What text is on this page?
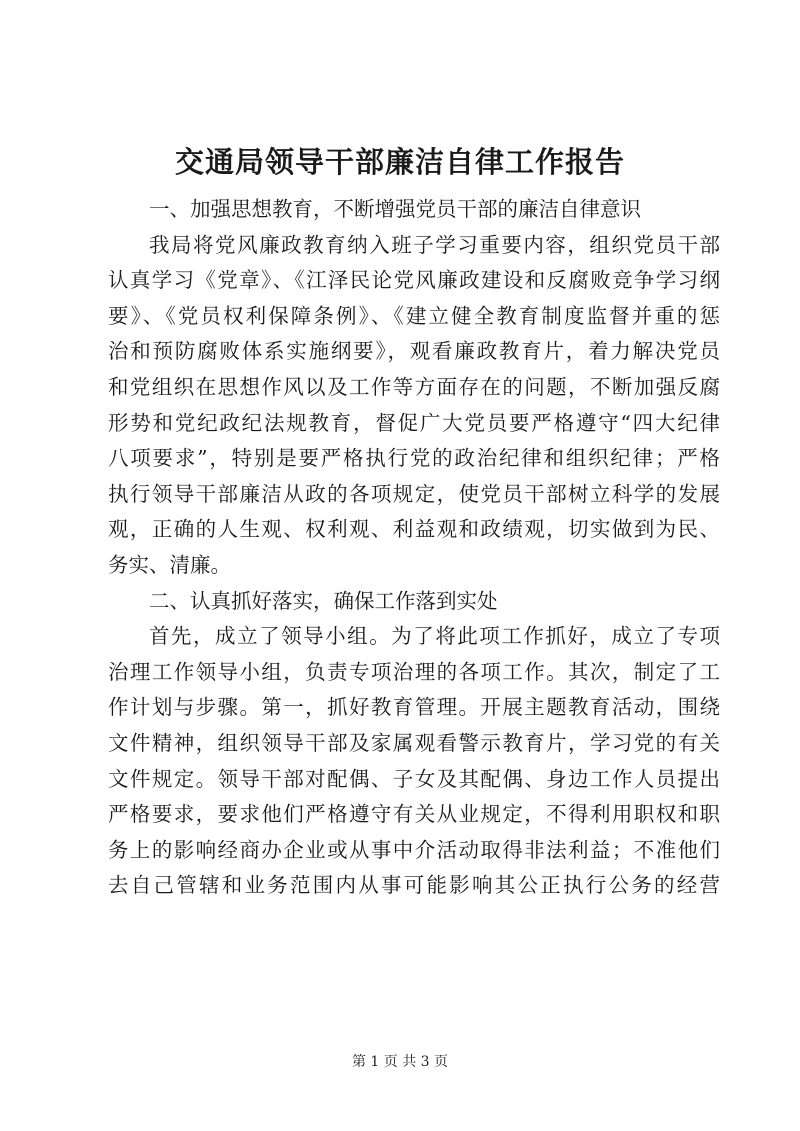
交通局领导干部廉洁自律工作报告
一、加强思想教育，不断增强党员干部的廉洁自律意识
我局将党风廉政教育纳入班子学习重要内容，组织党员干部
认真学习《党章》、《江泽民论党风廉政建设和反腐败竞争学习纲
要》、《党员权利保障条例》、《建立健全教育制度监督并重的惩
治和预防腐败体系实施纲要》，观看廉政教育片，着力解决党员
和党组织在思想作风以及工作等方面存在的问题，不断加强反腐
形势和党纪政纪法规教育，督促广大党员要严格遵守“四大纪律
八项要求”，特别是要严格执行党的政治纪律和组织纪律；严格
执行领导干部廉洁从政的各项规定，使党员干部树立科学的发展
观，正确的人生观、权利观、利益观和政绩观，切实做到为民、
务实、清廉。
二、认真抓好落实，确保工作落到实处
首先，成立了领导小组。为了将此项工作抓好，成立了专项
治理工作领导小组，负责专项治理的各项工作。其次，制定了工
作计划与步骤。第一，抓好教育管理。开展主题教育活动，围绕
文件精神，组织领导干部及家属观看警示教育片，学习党的有关
文件规定。领导干部对配偶、子女及其配偶、身边工作人员提出
严格要求，要求他们严格遵守有关从业规定，不得利用职权和职
务上的影响经商办企业或从事中介活动取得非法利益；不准他们
去自己管辖和业务范围内从事可能影响其公正执行公务的经营
第 1 页 共 3 页
